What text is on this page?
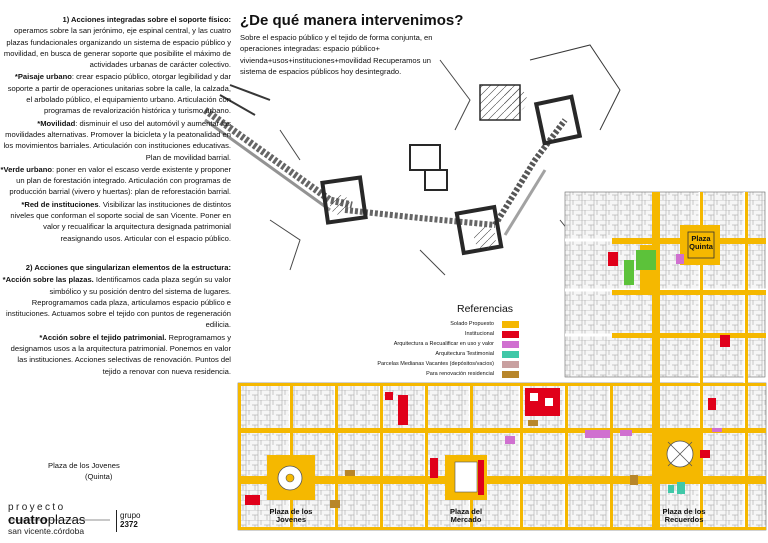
1) Acciones integradas sobre el soporte físico:
operamos sobre la san jerónimo, eje espinal central, y las cuatro plazas fundacionales organizando un sistema de espacio público y movilidad, en busca de generar soporte que posibilite el máximo de actividades urbanas de carácter colectivo.

*Paisaje urbano: crear espacio público, otorgar legibilidad y dar soporte a partir de operaciones unitarias sobre la calle, la calzada, el arbolado público, el equipamiento urbano. Articulación con programas de revalorización histórica y turismo urbano.

*Movilidad: disminuir el uso del automóvil y aumentar las movilidades alternativas. Promover la bicicleta y la peatonalidad en los movimientos barriales. Articulación con instituciones educativas. Plan de movilidad barrial.

*Verde urbano: poner en valor el escaso verde existente y proponer un plan de forestación integrado. Articulación con programas de producción barrial (vivero y huertas): plan de reforestación barrial.

*Red de instituciones. Visibilizar las instituciones de distintos niveles que conforman el soporte social de san Vicente. Poner en valor y recualificar la arquitectura designada patrimonial reasignando usos. Articular con el espacio público.

2) Acciones que singularizan elementos de la estructura:

*Acción sobre las plazas. Identificamos cada plaza según su valor simbólico y su posición dentro del sistema de lugares. Reprogramamos cada plaza, articulamos espacio público e instituciones. Actuamos sobre el tejido con puntos de regeneración edilicia.

*Acción sobre el tejido patrimonial. Reprogramamos y designamos usos a la arquitectura patrimonial. Ponemos en valor las instituciones. Acciones selectivas de renovación. Puntos del tejido a renovar con nueva residencia.

Plaza de los Jovenes
(Quinta)
¿De qué manera intervenimos?
Sobre el espacio público y el tejido de forma conjunta, en operaciones integradas: espacio público+ vivienda+usos+instituciones+movilidad Recuperamos un sistema de espacios públicos hoy desintegrado.
Referencias
Solado Propuesto
Institucional
Arquitectura a Recualificar en uso y valor
Arquitectura Testimonial
Parcelas Medianas Vacantes (depósitos/vacios)
Para renovación residencial
Plaza Quinta
Plaza de los Jovenes
Plaza del Mercado
Plaza de los Recuerdos
proyecto
cuatroplazas
san vicente.córdoba
grupo
2372
